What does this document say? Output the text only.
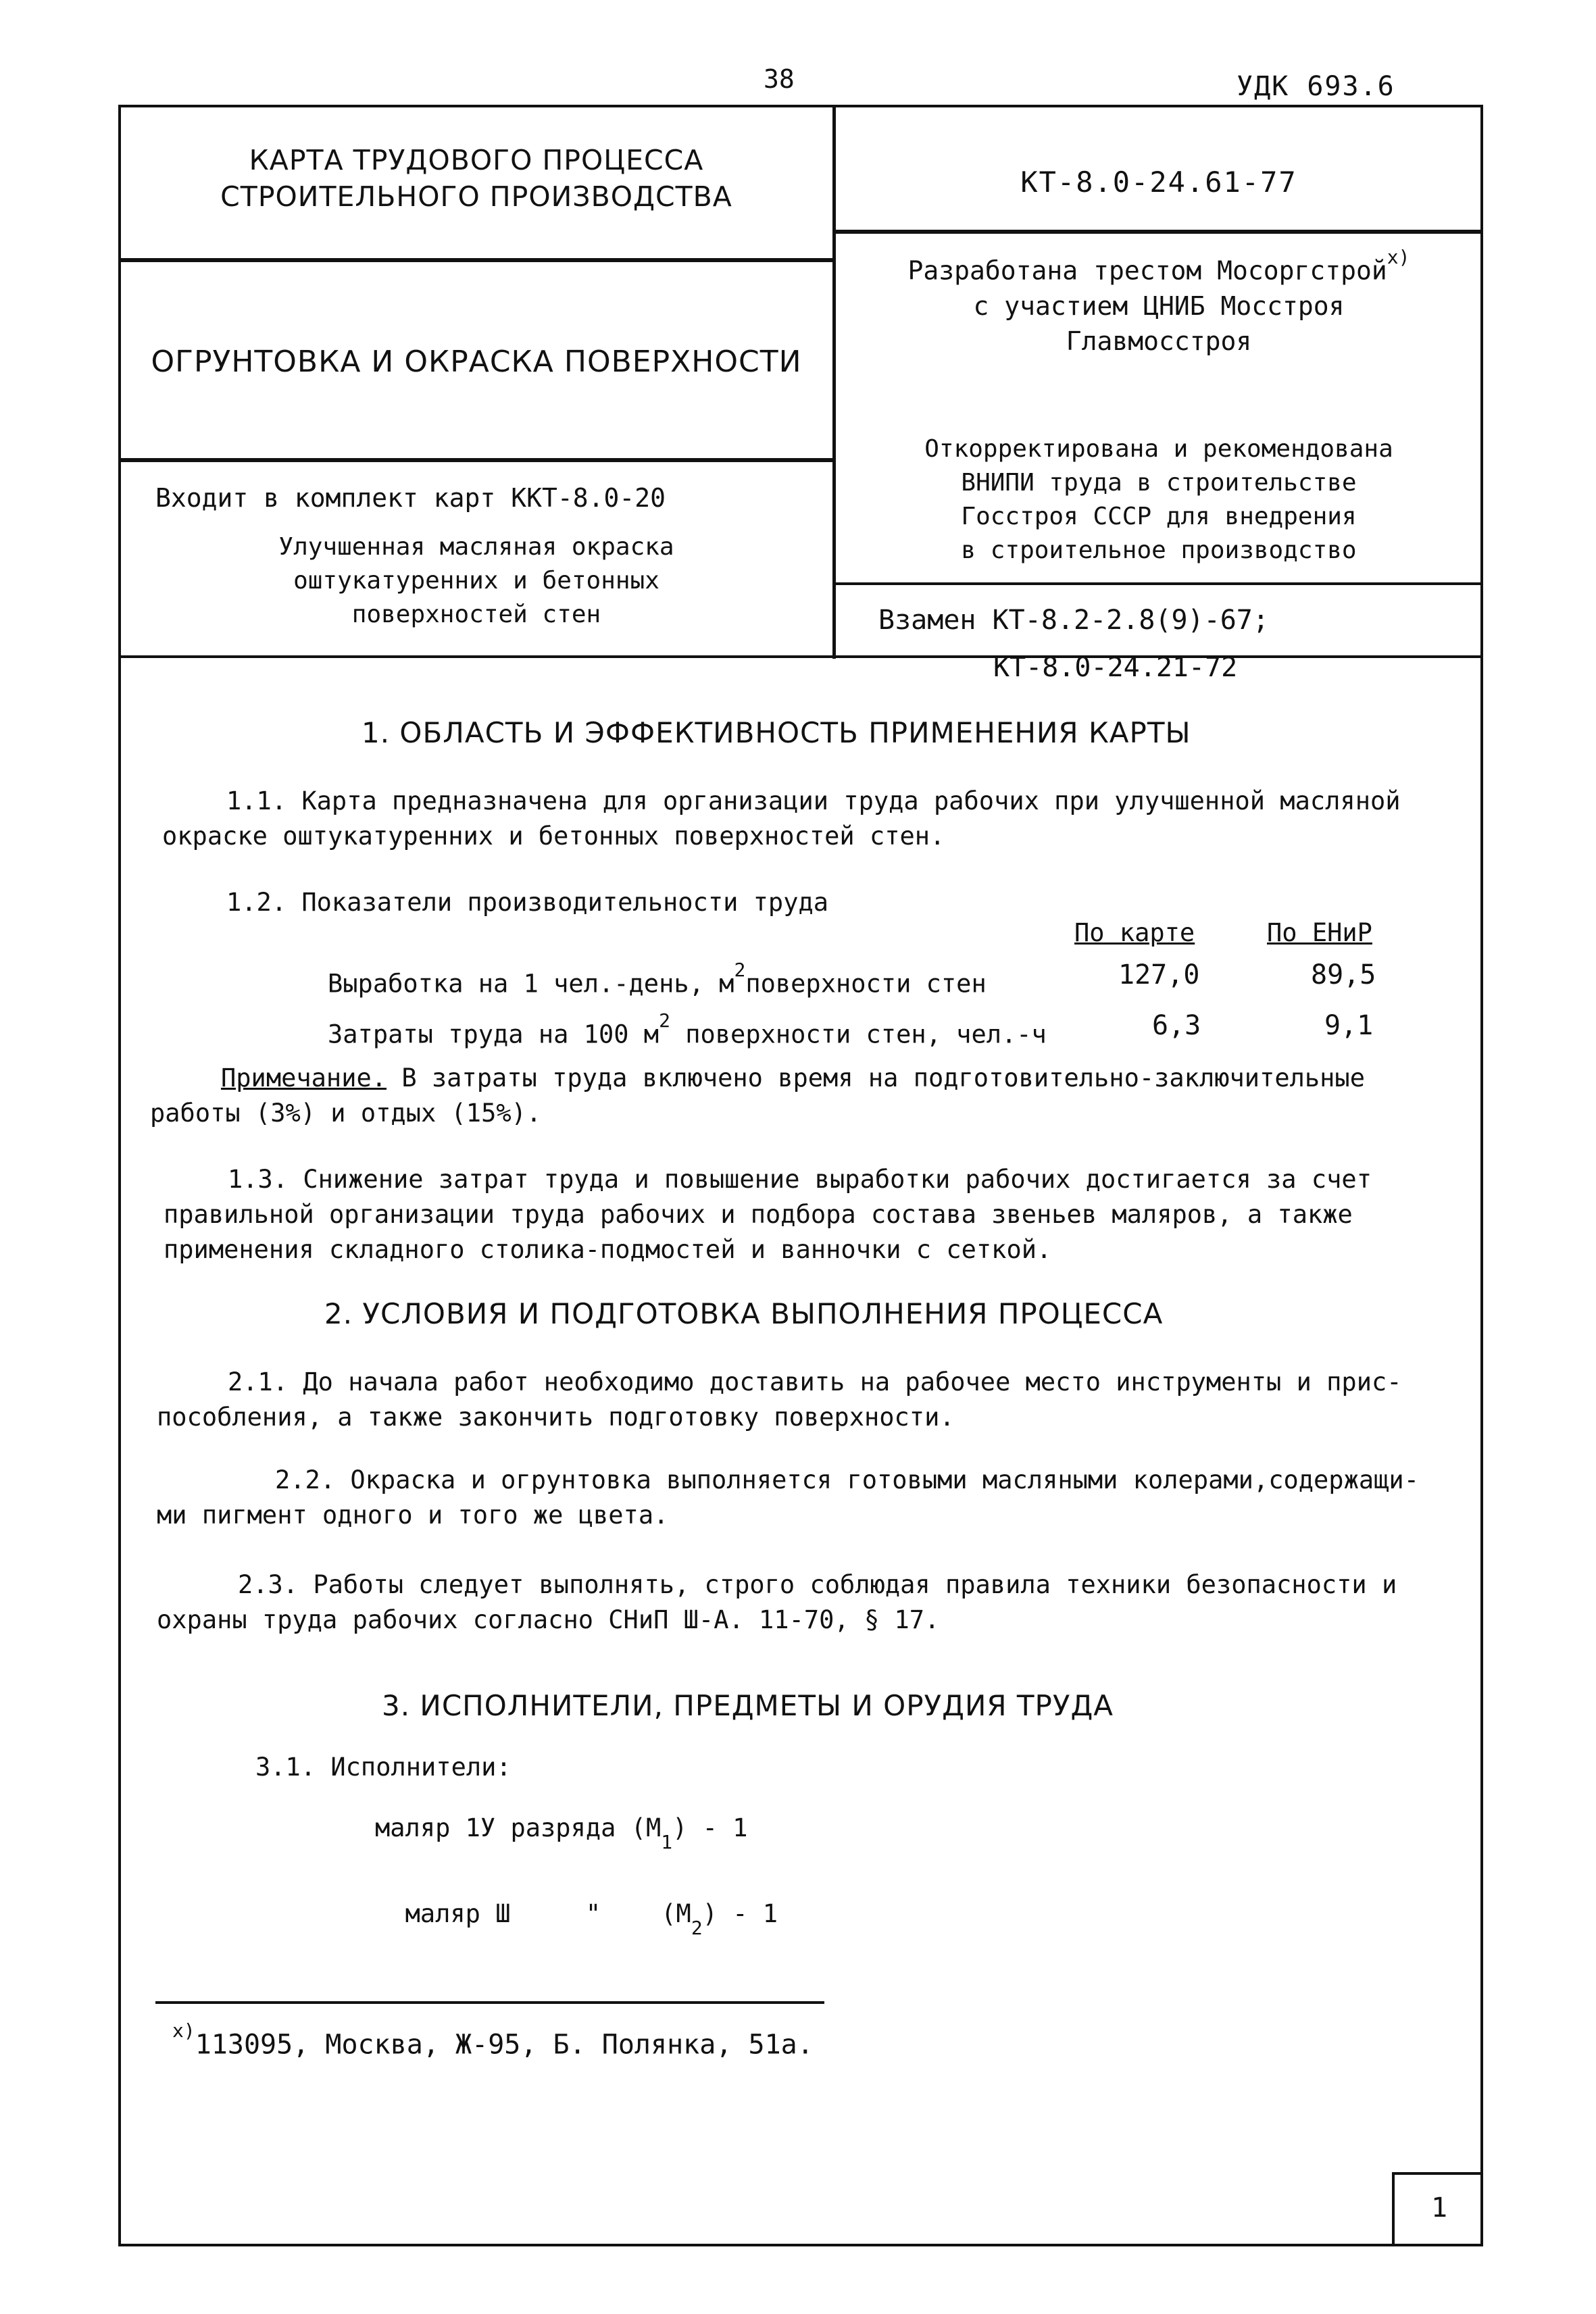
38	УДК 693.6
1
КАРТА ТРУДОВОГО ПРОЦЕССА
СТРОИТЕЛЬНОГО ПРОИЗВОДСТВА	КТ-8.0-24.61-77
ОГРУНТОВКА И ОКРАСКА ПОВЕРХНОСТИ
Разработана трестом Мосоргстрой$^{x)}$
с участием ЦНИБ Мосстроя
Главмосстроя
Откорректирована и рекомендована
ВНИПИ труда в строительстве
Госстроя СССР для внедрения
в строительное производство
Входит в комплект карт ККТ-8.0-20
Улучшенная масляная окраска
оштукатуренних и бетонных
поверхностей стен	Взамен КТ-8.2-2.8(9)-67;
КТ-8.0-24.21-72
1. ОБЛАСТЬ И ЭФФЕКТИВНОСТЬ ПРИМЕНЕНИЯ КАРТЫ
1.1. Карта предназначена для организации труда рабочих при улучшенной масляной
окраске оштукатуренних и бетонных поверхностей стен.
1.2. Показатели производительности труда
По карте	По ЕНиР
Выработка на 1 чел.-день, $м^2поверхности$ стен	127,0	89,5
Затраты труда на 100 $м^2$ поверхности стен, чел.-ч	6,3	9,1
Примечание. В затраты труда включено время на подготовительно-заключительные
работы (3%) и отдых (15%).
1.3. Снижение затрат труда и повышение выработки рабочих достигается за счет
правильной организации труда рабочих и подбора состава звеньев маляров, а также
применения складного столика-подмостей и ванночки с сеткой.
2. УСЛОВИЯ И ПОДГОТОВКА ВЫПОЛНЕНИЯ ПРОЦЕССА
2.1. До начала работ необходимо доставить на рабочее место инструменты и прис-
пособления, а также закончить подготовку поверхности.
2.2. Окраска и огрунтовка выполняется готовыми масляными колерами,содержащи-
ми пигмент одного и того же цвета.
2.3. Работы следует выполнять, строго соблюдая правила техники безопасности и
охраны труда рабочих согласно СНиП Ш-А. 11-70, § 17.
3. ИСПОЛНИТЕЛИ, ПРЕДМЕТЫ И ОРУДИЯ ТРУДА
3.1. Исполнители:
маляр 1У разряда $(М_1) - 1$

маляр Ш     "    $(М_2) - 1$

$^{x)}$113095, Москва, Ж-95, Б. Полянка, 51а.
